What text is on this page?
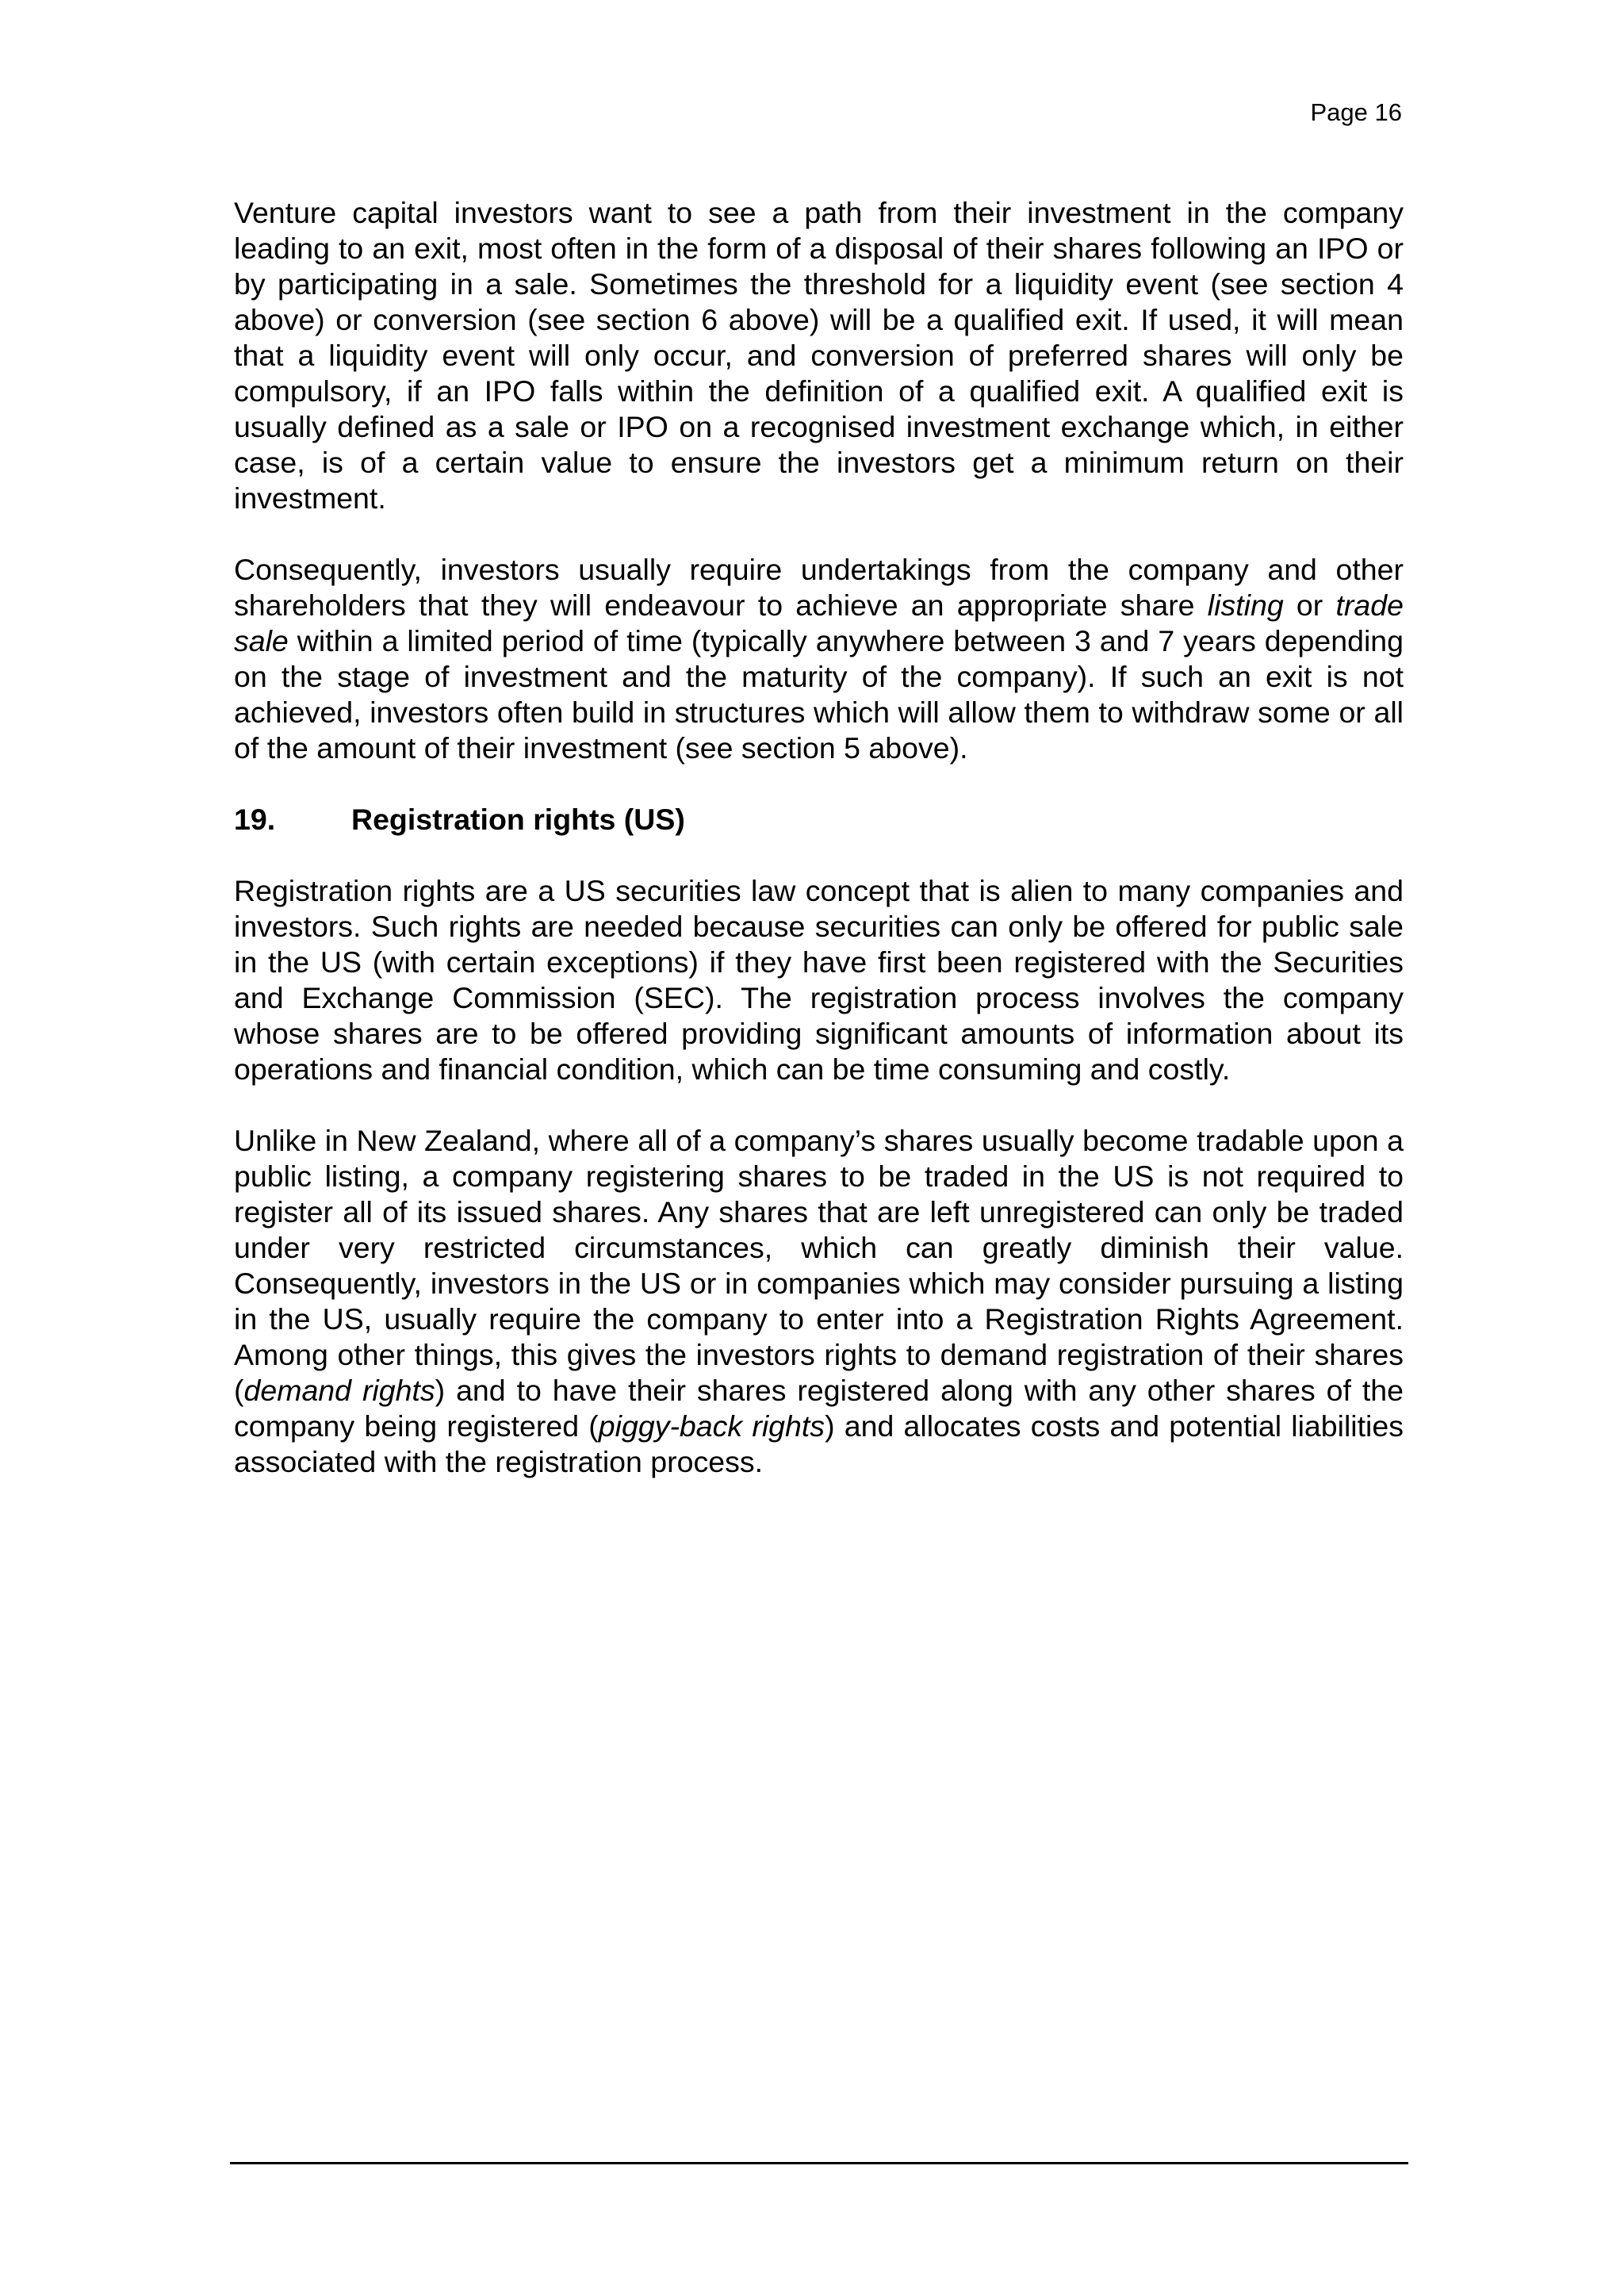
Page 16

Venture capital investors want to see a path from their investment in the company leading to an exit, most often in the form of a disposal of their shares following an IPO or by participating in a sale. Sometimes the threshold for a liquidity event (see section 4 above) or conversion (see section 6 above) will be a qualified exit. If used, it will mean that a liquidity event will only occur, and conversion of preferred shares will only be compulsory, if an IPO falls within the definition of a qualified exit. A qualified exit is usually defined as a sale or IPO on a recognised investment exchange which, in either case, is of a certain value to ensure the investors get a minimum return on their investment.

Consequently, investors usually require undertakings from the company and other shareholders that they will endeavour to achieve an appropriate share listing or trade sale within a limited period of time (typically anywhere between 3 and 7 years depending on the stage of investment and the maturity of the company). If such an exit is not achieved, investors often build in structures which will allow them to withdraw some or all of the amount of their investment (see section 5 above).

19.	Registration rights (US)

Registration rights are a US securities law concept that is alien to many companies and investors. Such rights are needed because securities can only be offered for public sale in the US (with certain exceptions) if they have first been registered with the Securities and Exchange Commission (SEC). The registration process involves the company whose shares are to be offered providing significant amounts of information about its operations and financial condition, which can be time consuming and costly.

Unlike in New Zealand, where all of a company’s shares usually become tradable upon a public listing, a company registering shares to be traded in the US is not required to register all of its issued shares. Any shares that are left unregistered can only be traded under very restricted circumstances, which can greatly diminish their value. Consequently, investors in the US or in companies which may consider pursuing a listing in the US, usually require the company to enter into a Registration Rights Agreement. Among other things, this gives the investors rights to demand registration of their shares (demand rights) and to have their shares registered along with any other shares of the company being registered (piggy-back rights) and allocates costs and potential liabilities associated with the registration process.
